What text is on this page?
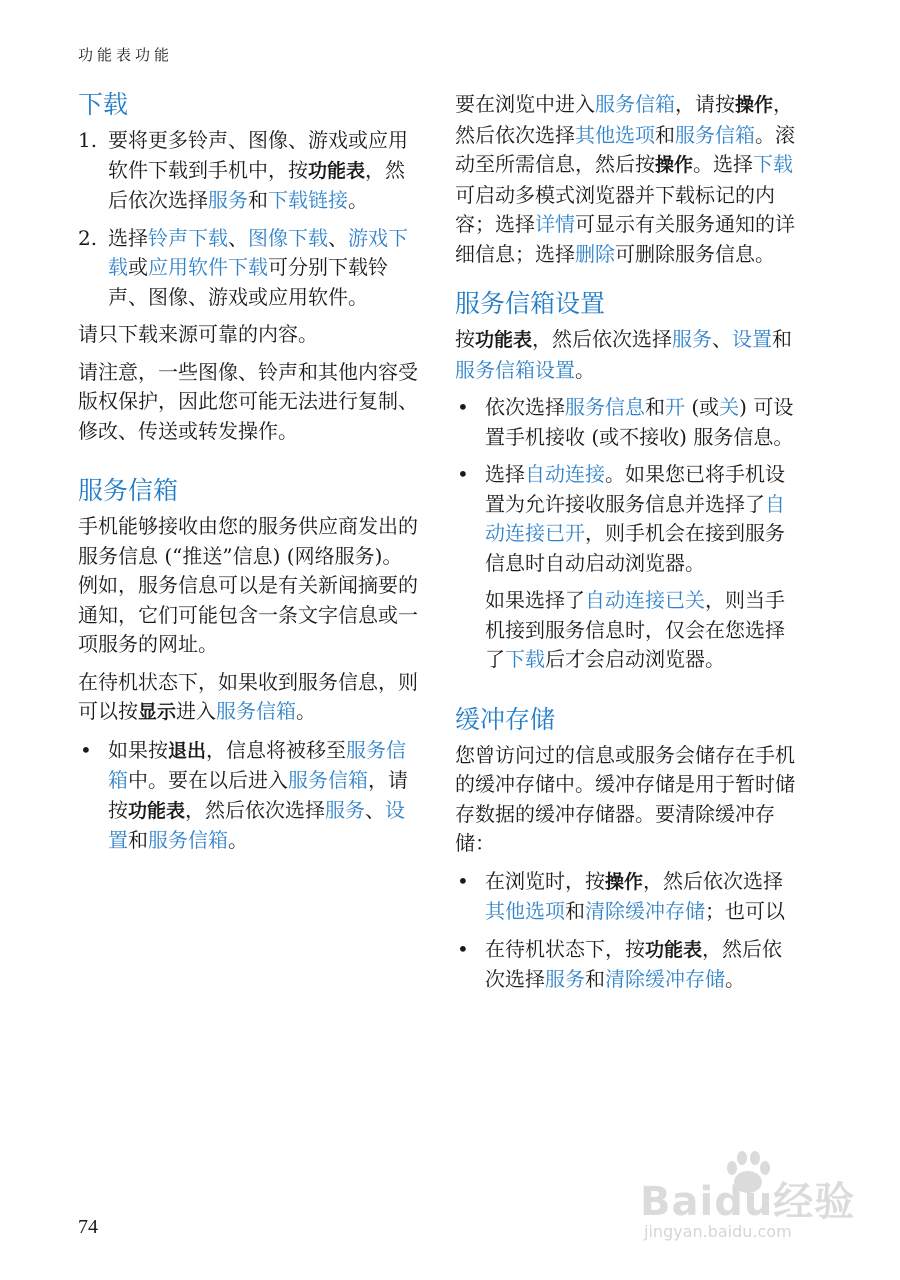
功能表功能
下载
1. 要将更多铃声、图像、游戏或应用软件下载到手机中，按功能表，然后依次选择服务和下载链接。
2. 选择铃声下载、图像下载、游戏下载或应用软件下载可分别下载铃声、图像、游戏或应用软件。

请只下载来源可靠的内容。

请注意，一些图像、铃声和其他内容受版权保护，因此您可能无法进行复制、修改、传送或转发操作。

服务信箱

手机能够接收由您的服务供应商发出的服务信息 (“推送”信息) (网络服务)。例如，服务信息可以是有关新闻摘要的通知，它们可能包含一条文字信息或一项服务的网址。

在待机状态下，如果收到服务信息，则可以按显示进入服务信箱。

• 如果按退出，信息将被移至服务信箱中。要在以后进入服务信箱，请按功能表，然后依次选择服务、设置和服务信箱。

要在浏览中进入服务信箱，请按操作，然后依次选择其他选项和服务信箱。滚动至所需信息，然后按操作。选择下载可启动多模式浏览器并下载标记的内容；选择详情可显示有关服务通知的详细信息；选择删除可删除服务信息。

服务信箱设置

按功能表，然后依次选择服务、设置和服务信箱设置。

• 依次选择服务信息和开 (或关) 可设置手机接收 (或不接收) 服务信息。
• 选择自动连接。如果您已将手机设置为允许接收服务信息并选择了自动连接已开，则手机会在接到服务信息时自动启动浏览器。

如果选择了自动连接已关，则当手机接到服务信息时，仅会在您选择了下载后才会启动浏览器。

缓冲存储

您曾访问过的信息或服务会储存在手机的缓冲存储中。缓冲存储是用于暂时储存数据的缓冲存储器。要清除缓冲存储：

• 在浏览时，按操作，然后依次选择其他选项和清除缓冲存储；也可以
• 在待机状态下，按功能表，然后依次选择服务和清除缓冲存储。
74
Baidu经验
jingyan.baidu.com
